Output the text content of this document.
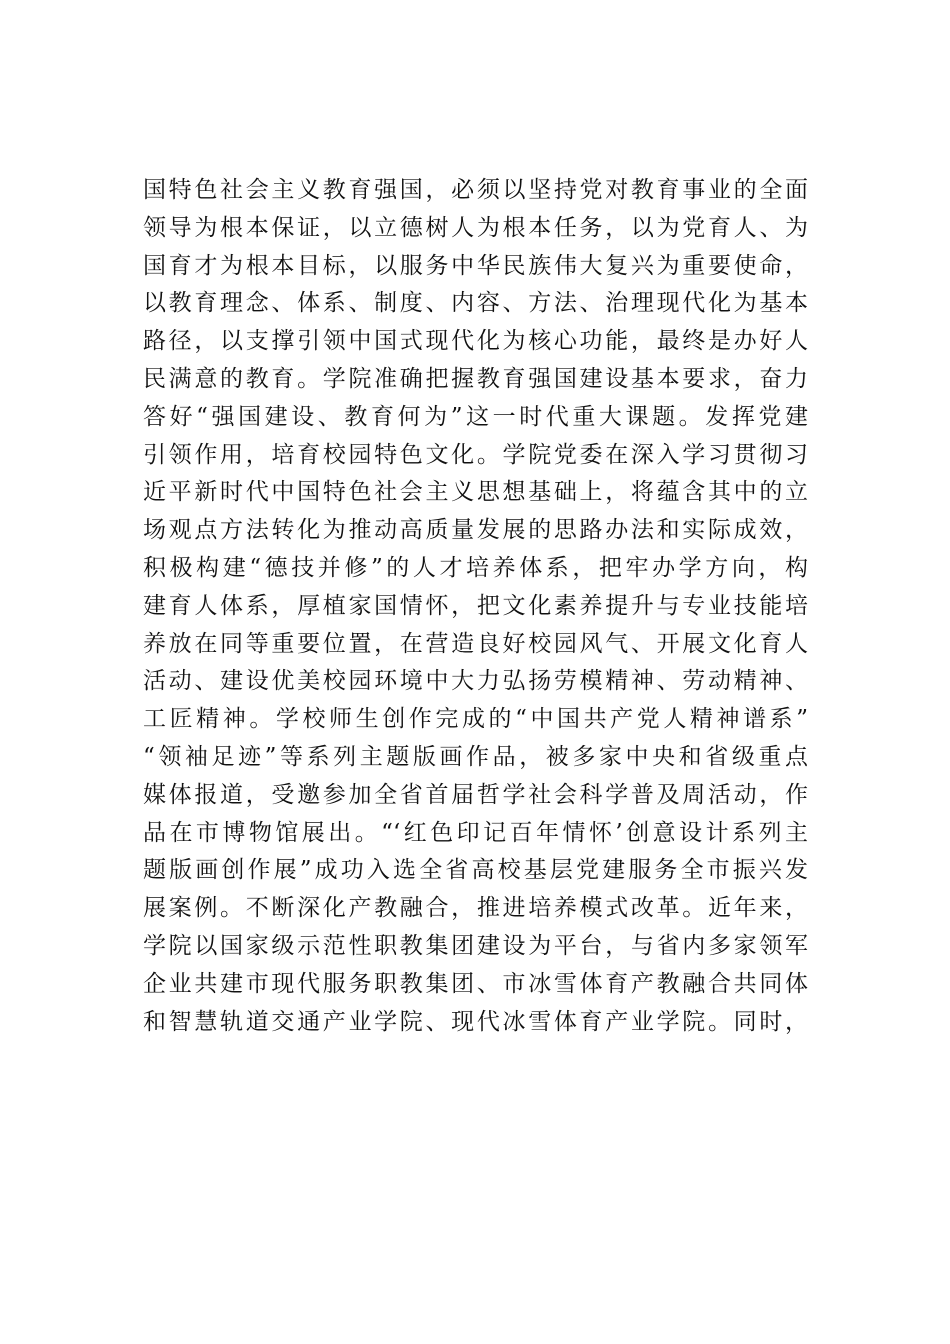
国特色社会主义教育强国，必须以坚持党对教育事业的全面
领导为根本保证，以立德树人为根本任务，以为党育人、为
国育才为根本目标，以服务中华民族伟大复兴为重要使命，
以教育理念、体系、制度、内容、方法、治理现代化为基本
路径，以支撑引领中国式现代化为核心功能，最终是办好人
民满意的教育。学院准确把握教育强国建设基本要求，奋力
答好“强国建设、教育何为”这一时代重大课题。发挥党建
引领作用，培育校园特色文化。学院党委在深入学习贯彻习
近平新时代中国特色社会主义思想基础上，将蕴含其中的立
场观点方法转化为推动高质量发展的思路办法和实际成效，
积极构建“德技并修”的人才培养体系，把牢办学方向，构
建育人体系，厚植家国情怀，把文化素养提升与专业技能培
养放在同等重要位置，在营造良好校园风气、开展文化育人
活动、建设优美校园环境中大力弘扬劳模精神、劳动精神、
工匠精神。学校师生创作完成的“中国共产党人精神谱系”
“领袖足迹”等系列主题版画作品，被多家中央和省级重点
媒体报道，受邀参加全省首届哲学社会科学普及周活动，作
品在市博物馆展出。“‘红色印记百年情怀’创意设计系列主
题版画创作展”成功入选全省高校基层党建服务全市振兴发
展案例。不断深化产教融合，推进培养模式改革。近年来，
学院以国家级示范性职教集团建设为平台，与省内多家领军
企业共建市现代服务职教集团、市冰雪体育产教融合共同体
和智慧轨道交通产业学院、现代冰雪体育产业学院。同时，
